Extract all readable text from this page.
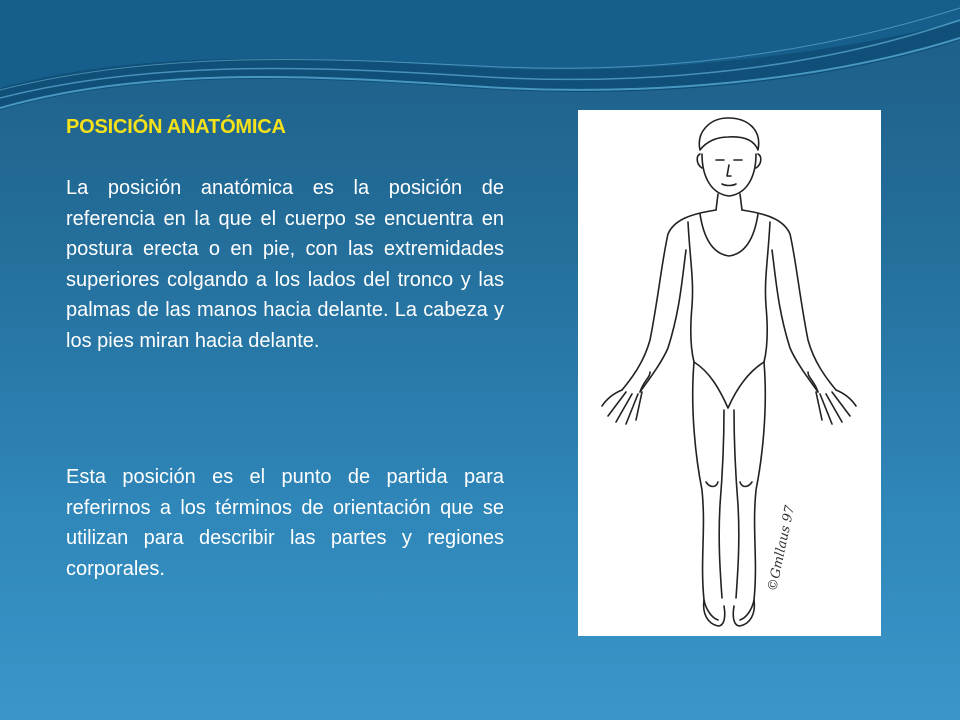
POSICIÓN ANATÓMICA
La posición anatómica es la posición de referencia en la que el cuerpo se encuentra en postura erecta o en pie, con las extremidades superiores colgando a los lados del tronco y las palmas de las manos hacia delante. La cabeza y los pies miran hacia delante.
Esta posición es el punto de partida para referirnos a los términos de orientación que se utilizan para describir las partes y regiones corporales.	©Gmllaus 97
